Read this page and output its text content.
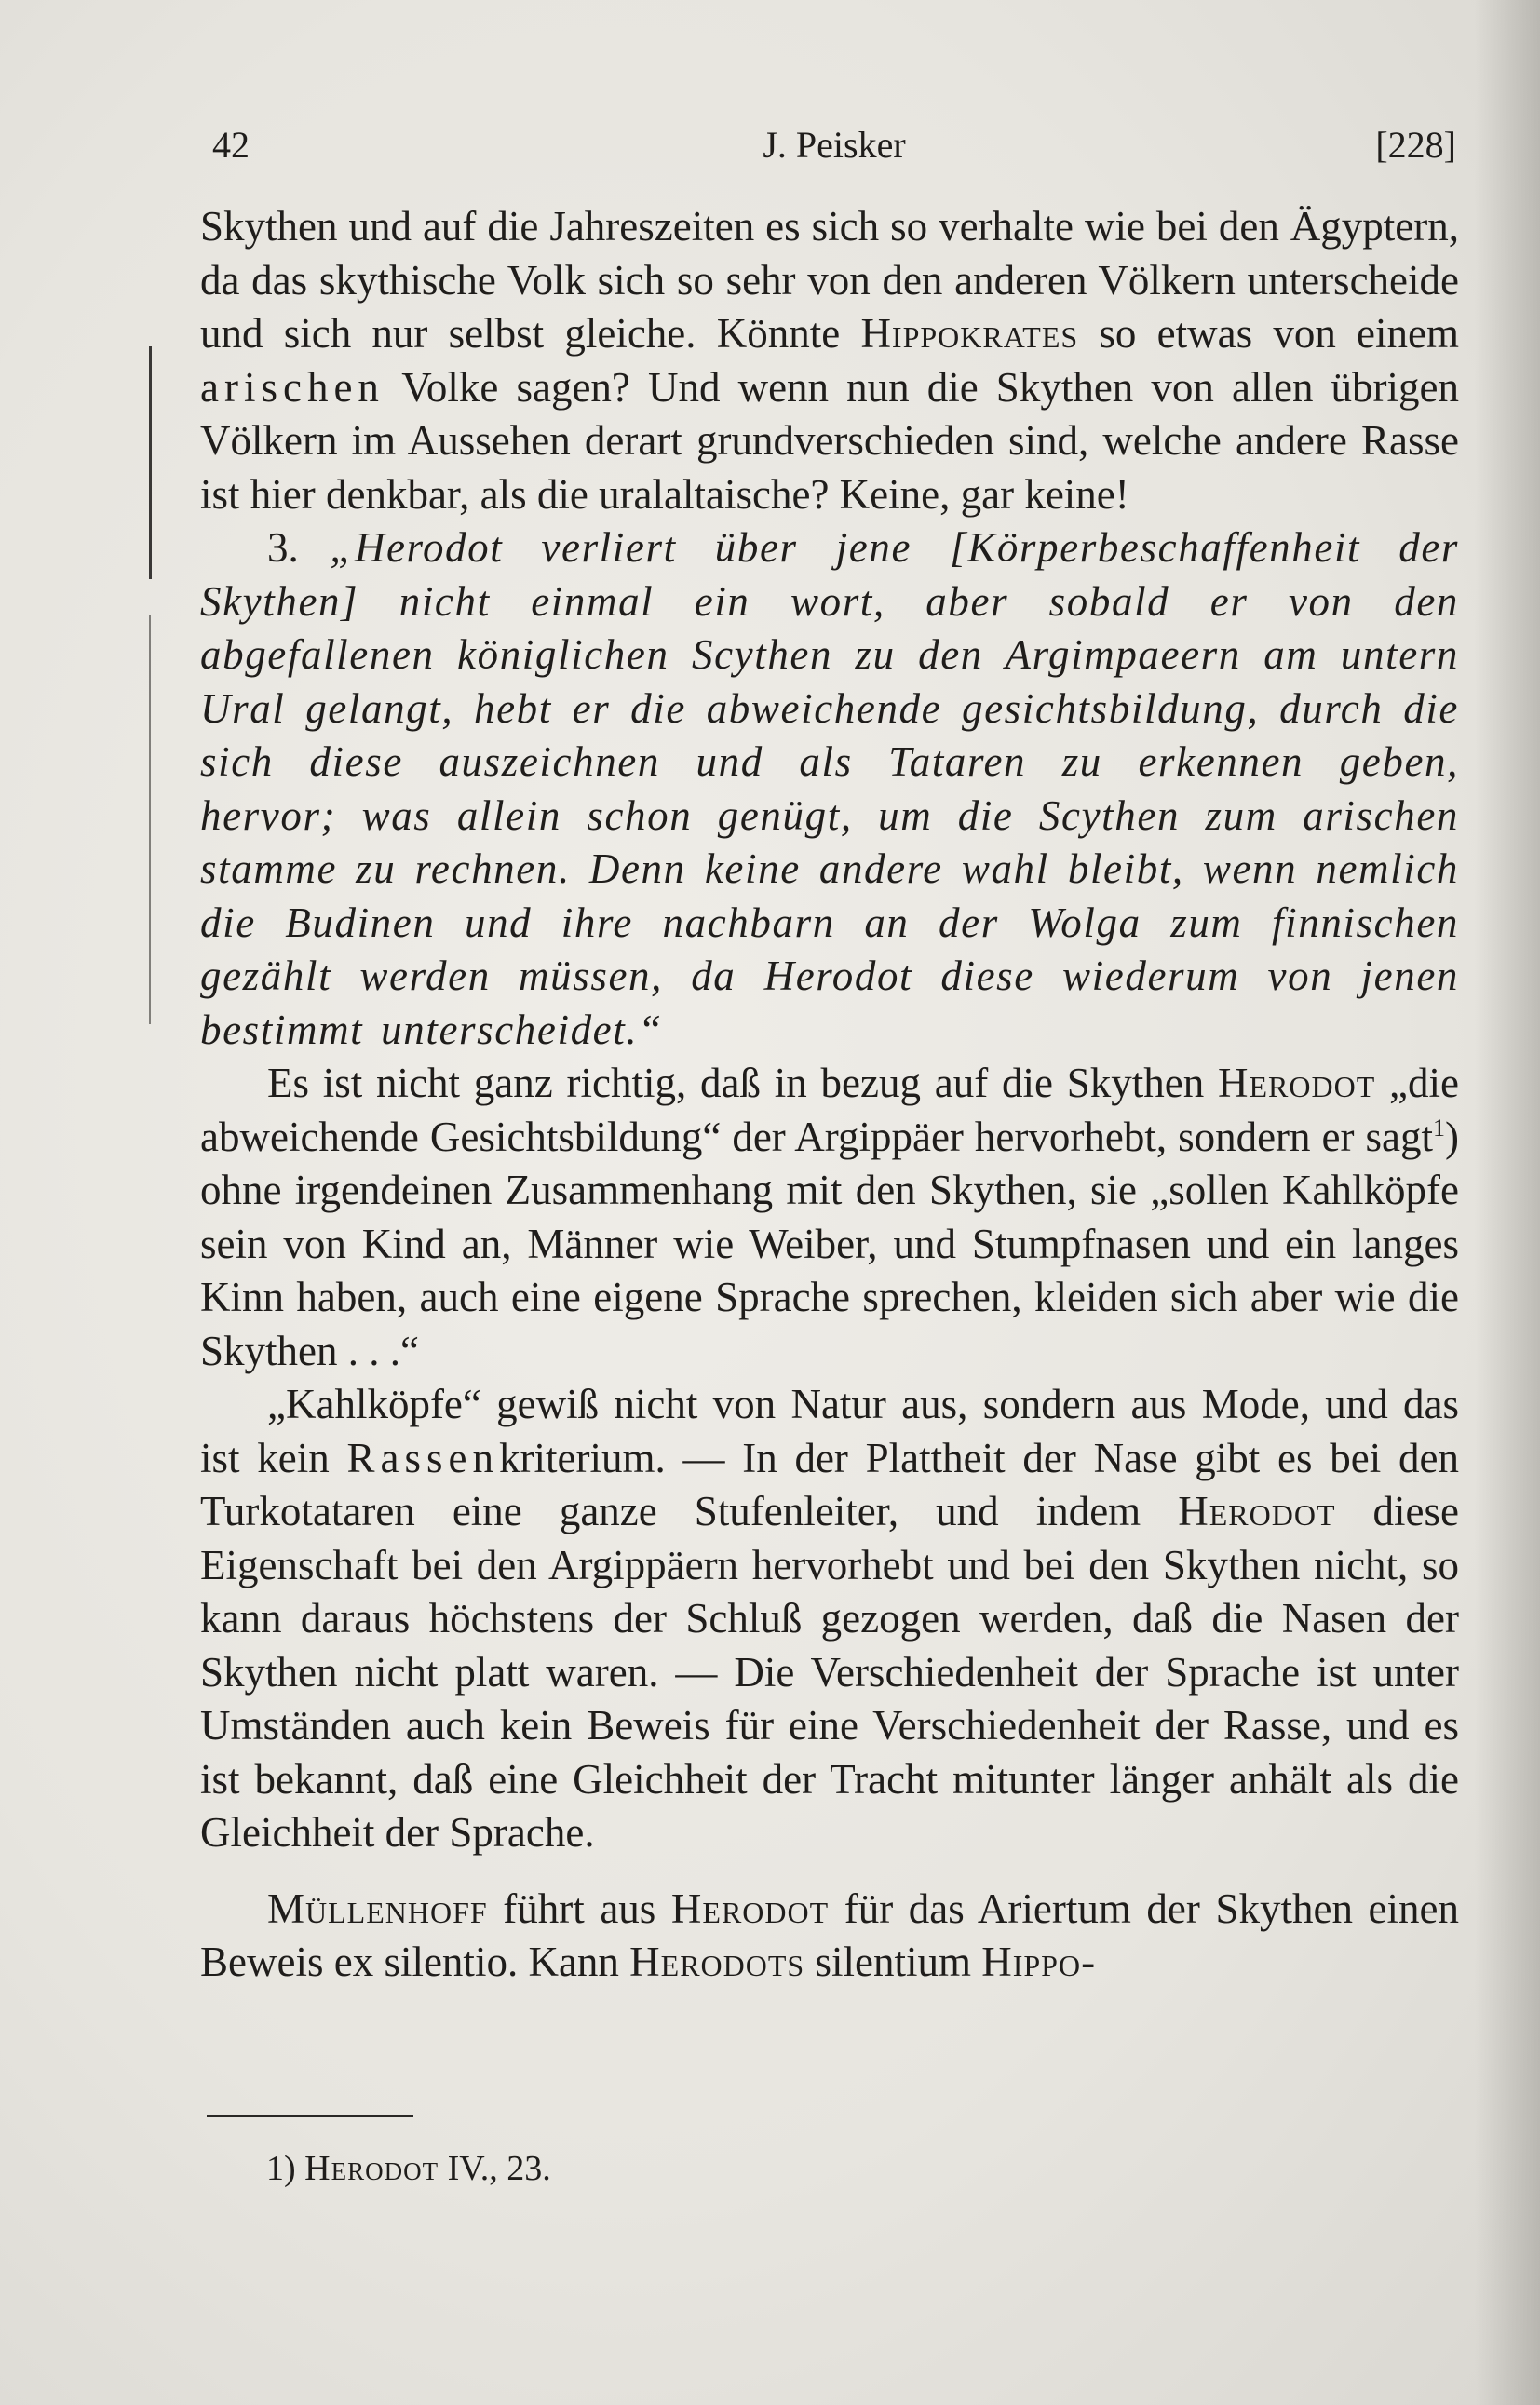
42	J. Peisker	[228]

Skythen und auf die Jahreszeiten es sich so verhalte wie bei den Ägyptern, da das skythische Volk sich so sehr von den anderen Völkern unterscheide und sich nur selbst gleiche. Könnte Hippokrates so etwas von einem arischen Volke sagen? Und wenn nun die Skythen von allen übrigen Völkern im Aussehen derart grundverschieden sind, welche andere Rasse ist hier denkbar, als die uralaltaische? Keine, gar keine!

3. „Herodot verliert über jene [Körperbeschaffenheit der Skythen] nicht einmal ein wort, aber sobald er von den abgefallenen königlichen Scythen zu den Argimpaeern am untern Ural gelangt, hebt er die abweichende gesichtsbildung, durch die sich diese auszeichnen und als Tataren zu erkennen geben, hervor; was allein schon genügt, um die Scythen zum arischen stamme zu rechnen. Denn keine andere wahl bleibt, wenn nemlich die Budinen und ihre nachbarn an der Wolga zum finnischen gezählt werden müssen, da Herodot diese wiederum von jenen bestimmt unterscheidet.“

Es ist nicht ganz richtig, daß in bezug auf die Skythen Herodot „die abweichende Gesichtsbildung“ der Argippäer hervorhebt, sondern er sagt$^1$) ohne irgendeinen Zusammenhang mit den Skythen, sie „sollen Kahlköpfe sein von Kind an, Männer wie Weiber, und Stumpfnasen und ein langes Kinn haben, auch eine eigene Sprache sprechen, kleiden sich aber wie die Skythen . . .“

„Kahlköpfe“ gewiß nicht von Natur aus, sondern aus Mode, und das ist kein Rassenkriterium. — In der Plattheit der Nase gibt es bei den Turkotataren eine ganze Stufenleiter, und indem Herodot diese Eigenschaft bei den Argippäern hervorhebt und bei den Skythen nicht, so kann daraus höchstens der Schluß gezogen werden, daß die Nasen der Skythen nicht platt waren. — Die Verschiedenheit der Sprache ist unter Umständen auch kein Beweis für eine Verschiedenheit der Rasse, und es ist bekannt, daß eine Gleichheit der Tracht mitunter länger anhält als die Gleichheit der Sprache.

Müllenhoff führt aus Herodot für das Ariertum der Skythen einen Beweis ex silentio. Kann Herodots silentium Hippo-

1) Herodot IV., 23.
